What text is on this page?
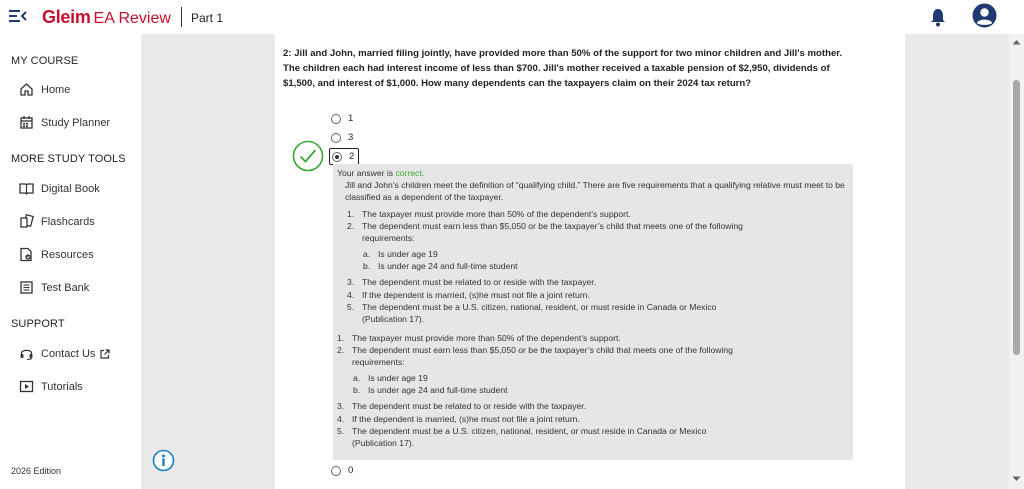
Gleim EA Review Part 1
MY COURSE
Home
Study Planner
MORE STUDY TOOLS
Digital Book
Flashcards
Resources
Test Bank
SUPPORT
Contact Us
Tutorials
2026 Edition
2: Jill and John, married filing jointly, have provided more than 50% of the support for two minor children and Jill's mother. The children each had interest income of less than $700. Jill's mother received a taxable pension of $2,950, dividends of $1,500, and interest of $1,000. How many dependents can the taxpayers claim on their 2024 tax return?
1
3
2
Your answer is correct.
Jill and John’s children meet the definition of “qualifying child.” There are five requirements that a qualifying relative must meet to be classified as a dependent of the taxpayer.
1. The taxpayer must provide more than 50% of the dependent’s support.
2. The dependent must earn less than $5,050 or be the taxpayer’s child that meets one of the following
requirements:
a. Is under age 19
b. Is under age 24 and full-time student
3. The dependent must be related to or reside with the taxpayer.
4. If the dependent is married, (s)he must not file a joint return.
5. The dependent must be a U.S. citizen, national, resident, or must reside in Canada or Mexico
(Publication 17).
1. The taxpayer must provide more than 50% of the dependent’s support.
2. The dependent must earn less than $5,050 or be the taxpayer’s child that meets one of the following
requirements:
a. Is under age 19
b. Is under age 24 and full-time student
3. The dependent must be related to or reside with the taxpayer.
4. If the dependent is married, (s)he must not file a joint return.
5. The dependent must be a U.S. citizen, national, resident, or must reside in Canada or Mexico
(Publication 17).
0
